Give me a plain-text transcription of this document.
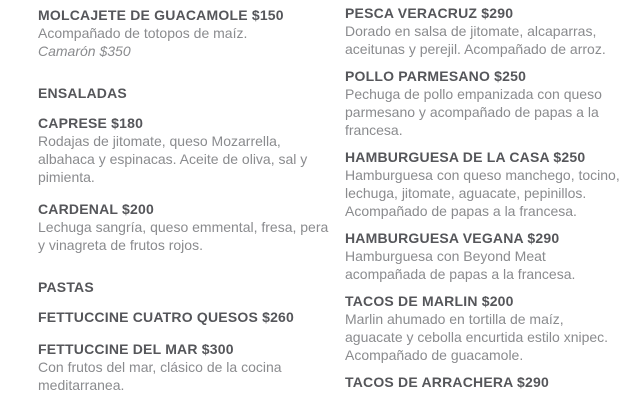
MOLCAJETE DE GUACAMOLE $150
Acompañado de totopos de maíz.
Camarón $350
ENSALADAS
CAPRESE $180
Rodajas de jitomate, queso Mozarrella, albahaca y espinacas. Aceite de oliva, sal y pimienta.
CARDENAL $200
Lechuga sangría, queso emmental, fresa, pera y vinagreta de frutos rojos.
PASTAS
FETTUCCINE CUATRO QUESOS $260
FETTUCCINE DEL MAR $300
Con frutos del mar, clásico de la cocina meditarranea.
PESCA VERACRUZ $290
Dorado en salsa de jitomate, alcaparras, aceitunas y perejil. Acompañado de arroz.
POLLO PARMESANO $250
Pechuga de pollo empanizada con queso parmesano y acompañado de papas a la francesa.
HAMBURGUESA DE LA CASA $250
Hamburguesa con queso manchego, tocino, lechuga, jitomate, aguacate, pepinillos. Acompañado de papas a la francesa.
HAMBURGUESA VEGANA $290
Hamburguesa con Beyond Meat acompañada de papas a la francesa.
TACOS DE MARLIN $200
Marlin ahumado en tortilla de maíz, aguacate y cebolla encurtida estilo xnipec. Acompañado de guacamole.
TACOS DE ARRACHERA $290
